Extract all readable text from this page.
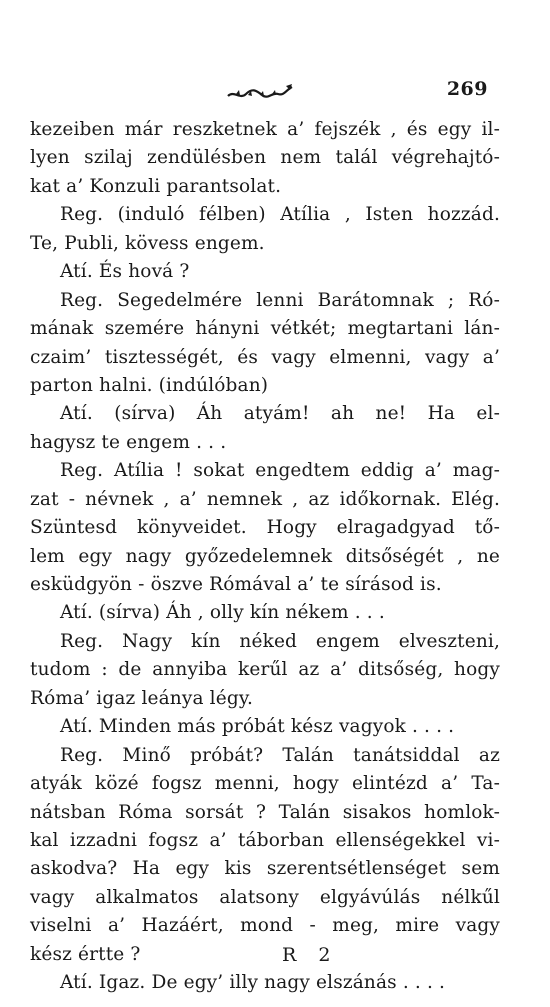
269
kezeiben már reszketnek a’ fejszék , és egy il-
lyen szilaj zendülésben nem talál végrehajtó-
kat a’ Konzuli parantsolat.
Reg. (induló félben) Atília , Isten hozzád.
Te, Publi, kövess engem.
Atí. És hová ?
Reg. Segedelmére lenni Barátomnak ; Ró-
mának szemére hányni vétkét; megtartani lán-
czaim’ tisztességét, és vagy elmenni, vagy a’
parton halni. (indúlóban)
Atí. (sírva) Áh atyám! ah ne! Ha el-
hagysz te engem . . .
Reg. Atília ! sokat engedtem eddig a’ mag-
zat - névnek , a’ nemnek , az időkornak. Elég.
Szüntesd könyveidet. Hogy elragadgyad tő-
lem egy nagy győzedelemnek ditsőségét , ne
esküdgyön - öszve Rómával a’ te sírásod is.
Atí. (sírva) Áh , olly kín nékem . . .
Reg. Nagy kín néked engem elveszteni,
tudom : de annyiba kerűl az a’ ditsőség, hogy
Róma’ igaz leánya légy.
Atí. Minden más próbát kész vagyok . . . .
Reg. Minő próbát? Talán tanátsiddal az
atyák közé fogsz menni, hogy elintézd a’ Ta-
nátsban Róma sorsát ? Talán sisakos homlok-
kal izzadni fogsz a’ táborban ellenségekkel vi-
askodva? Ha egy kis szerentsétlenséget sem
vagy alkalmatos alatsony elgyávúlás nélkűl
viselni a’ Hazáért, mond - meg, mire vagy
kész értte ?
Atí. Igaz. De egy’ illy nagy elszánás . . . .
R 2
